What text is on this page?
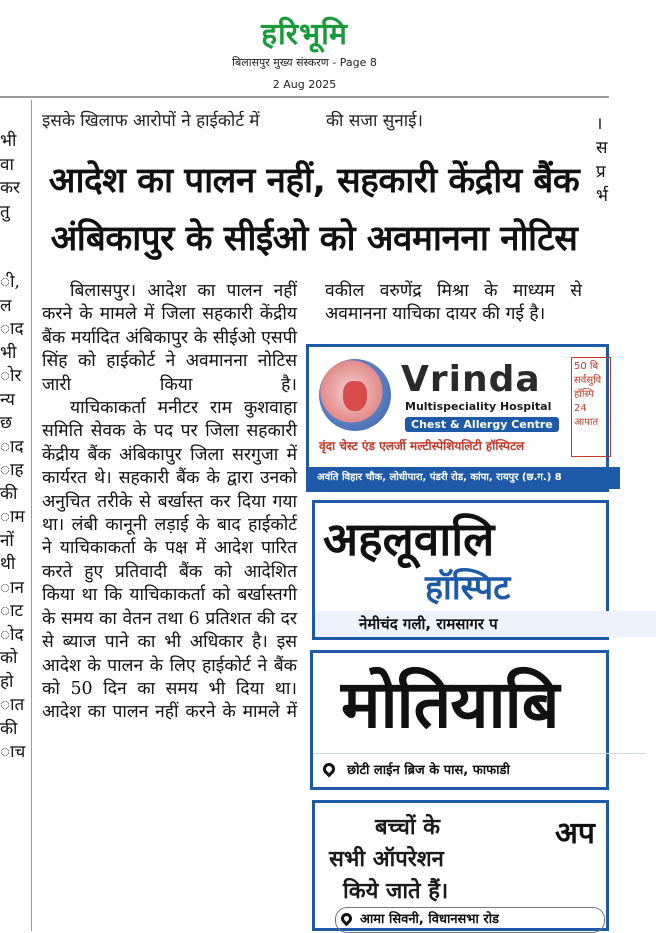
हरिभूमि
बिलासपुर मुख्य संस्करण - Page 8
2 Aug 2025
इसके खिलाफ आरोपों ने हाईकोर्ट में	की सजा सुनाई।
भी
वा
कर
तु

ी,
ल
ाद
भी
ोर
न्य
छ
ाद
ाह
की
ाम
नों
थी
ान
ाट
ोद
को
हो
ात
की
ाच
।
स
प्र
र्भ
आदेश का पालन नहीं, सहकारी केंद्रीय बैंक
अंबिकापुर के सीईओ को अवमानना नोटिस
बिलासपुर। आदेश का पालन नहीं करने के मामले में जिला सहकारी केंद्रीय बैंक मर्यादित अंबिकापुर के सीईओ एसपी सिंह को हाईकोर्ट ने अवमानना नोटिस जारी किया है।
याचिकाकर्ता मनीटर राम कुशवाहा समिति सेवक के पद पर जिला सहकारी केंद्रीय बैंक अंबिकापुर जिला सरगुजा में कार्यरत थे। सहकारी बैंक के द्वारा उनको अनुचित तरीके से बर्खास्त कर दिया गया था। लंबी कानूनी लड़ाई के बाद हाईकोर्ट ने याचिकाकर्ता के पक्ष में आदेश पारित करते हुए प्रतिवादी बैंक को आदेशित किया था कि याचिकाकर्ता को बर्खास्तगी के समय का वेतन तथा 6 प्रतिशत की दर से ब्याज पाने का भी अधिकार है। इस आदेश के पालन के लिए हाईकोर्ट ने बैंक को 50 दिन का समय भी दिया था। आदेश का पालन नहीं करने के मामले में
वकील वरुणेंद्र मिश्रा के माध्यम से अवमानना याचिका दायर की गई है।
Vrinda
Multispeciality Hospital
Chest & Allergy Centre
वृंदा चेस्ट एंड एलर्जी मल्टीस्पेशियलिटी हॉस्पिटल
50 बि सर्वसुवि हॉस्पि 24 आपात
अवंति विहार चौक, लोधीपारा, पंडरी रोड, कांपा, रायपुर (छ.ग.) 8
अहलूवालि
हॉस्पिट
नेमीचंद गली, रामसागर प
मोतियाबि
छोटी लाईन ब्रिज के पास, फाफाडी
बच्चों के
सभी ऑपरेशन
किये जाते हैं।
अप
आमा सिवनी, विधानसभा रोड
